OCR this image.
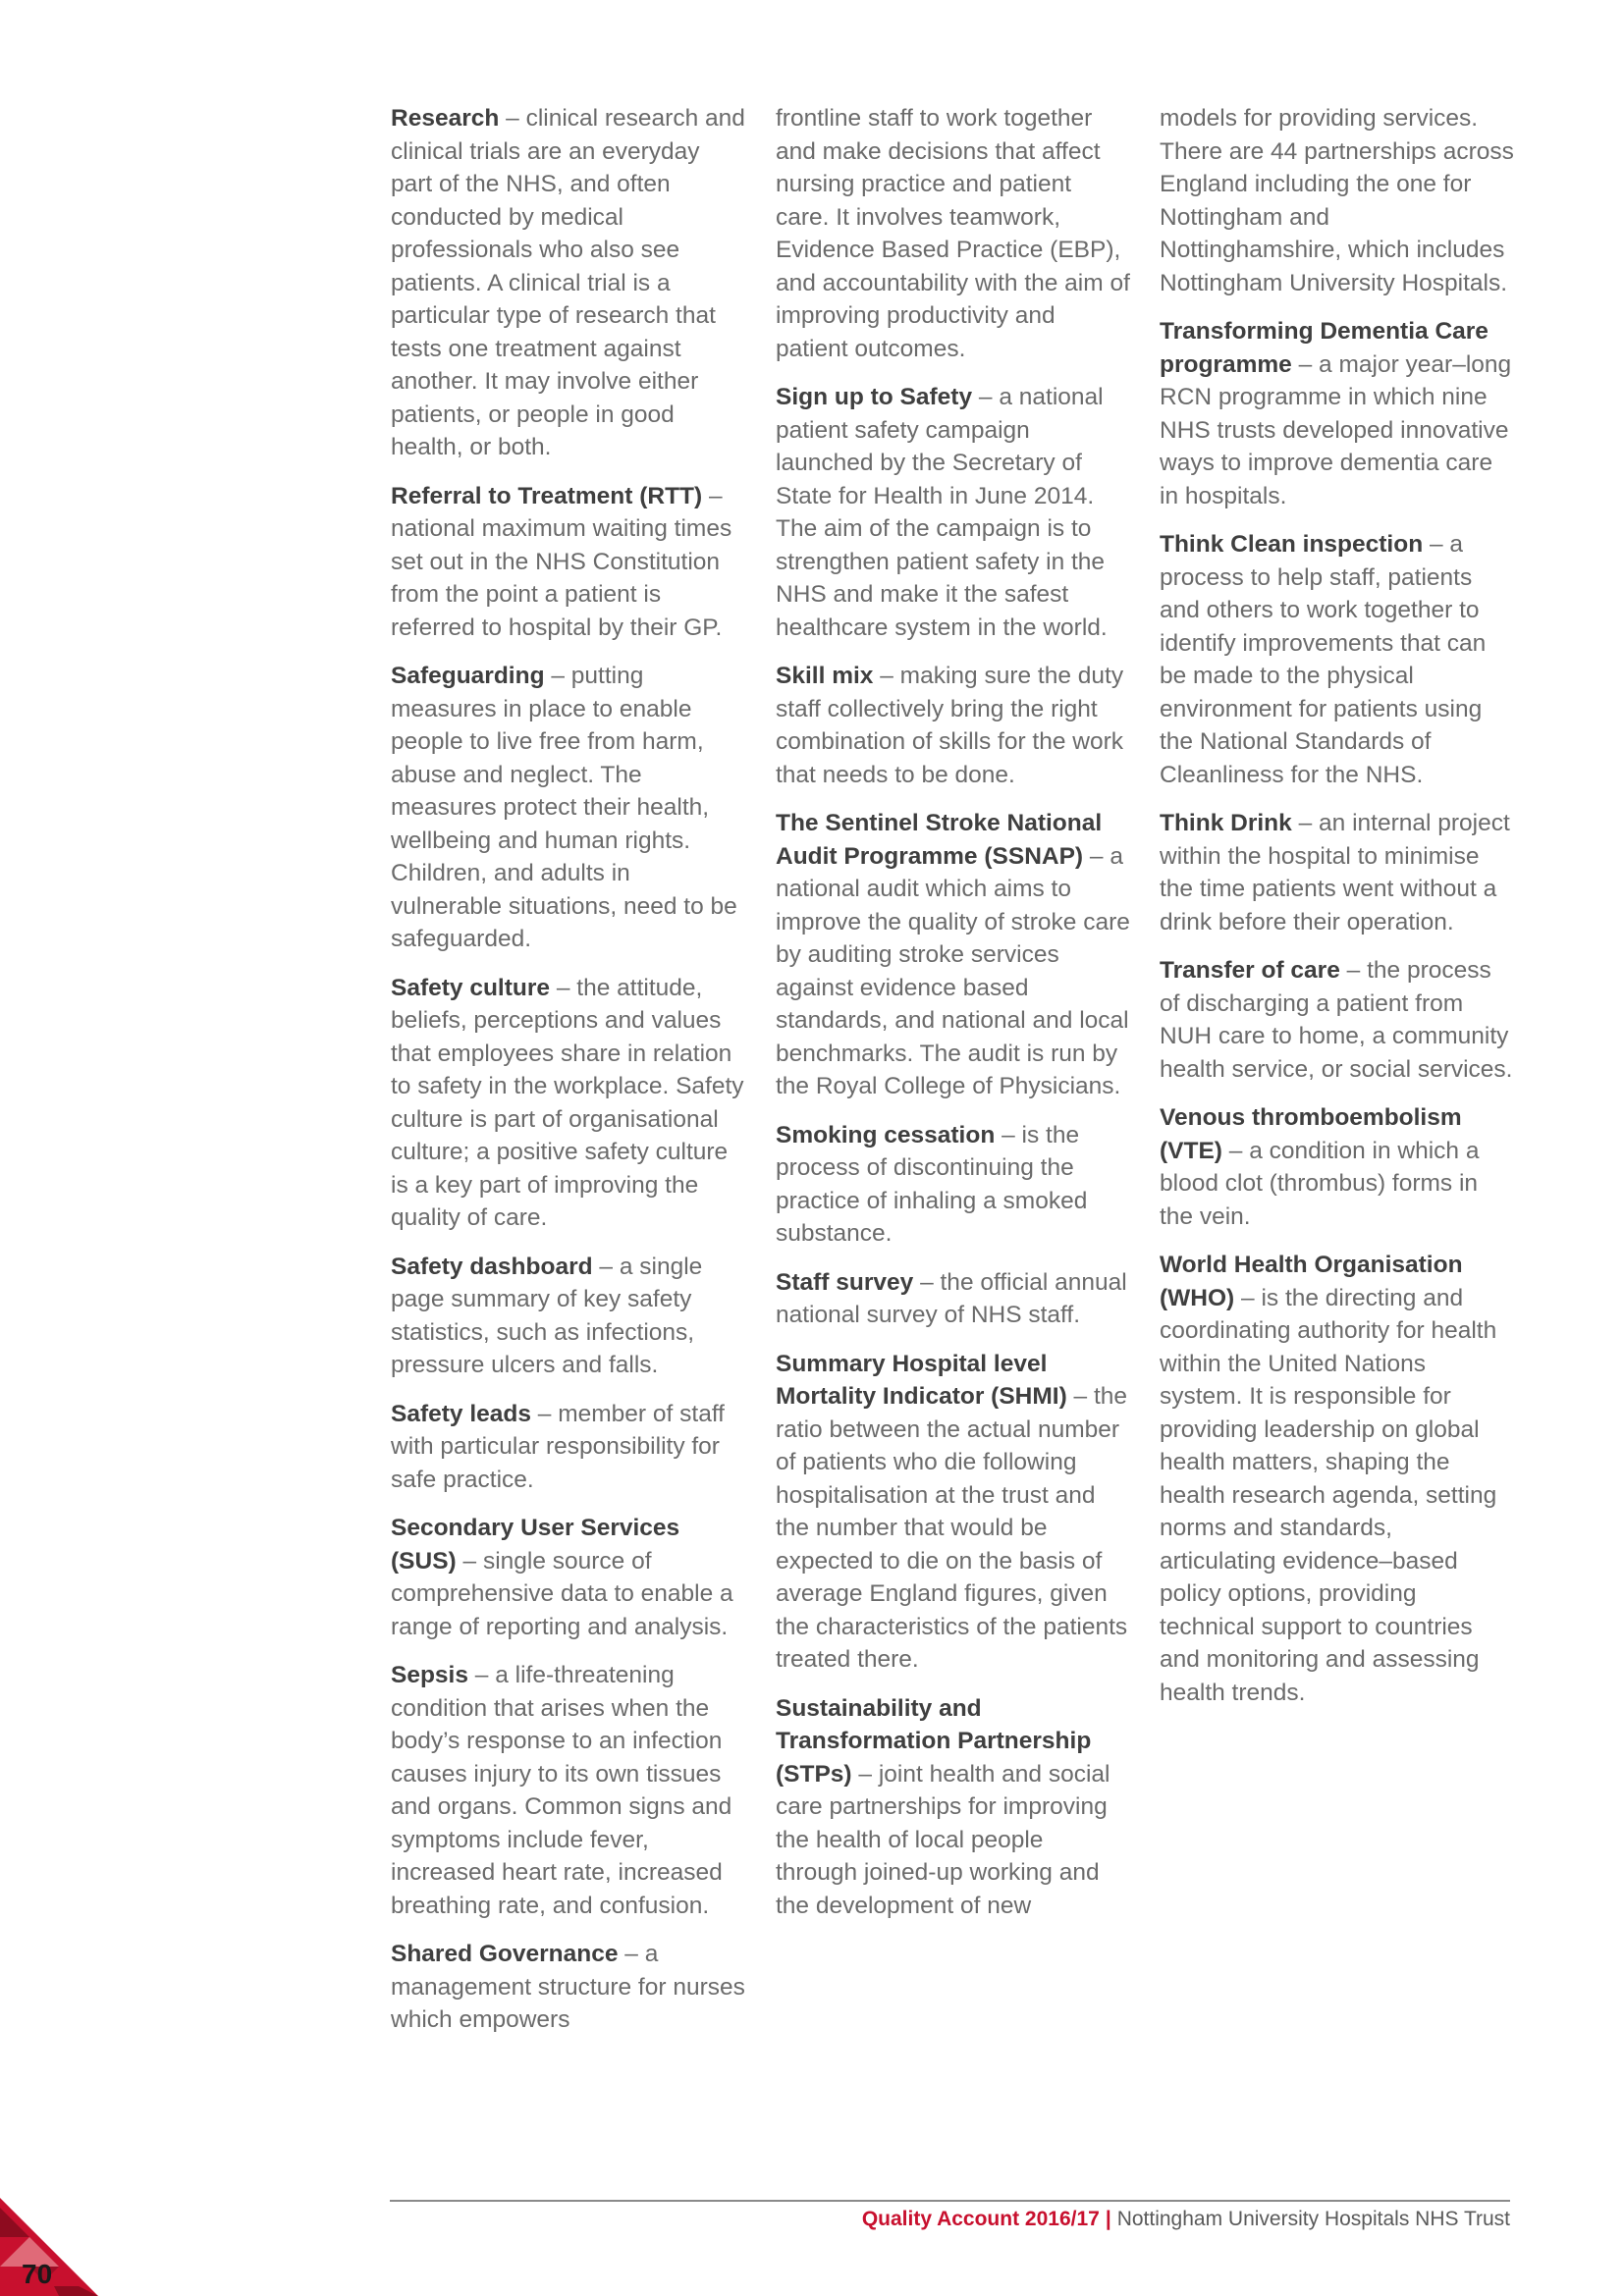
Research – clinical research and clinical trials are an everyday part of the NHS, and often conducted by medical professionals who also see patients. A clinical trial is a particular type of research that tests one treatment against another. It may involve either patients, or people in good health, or both.

Referral to Treatment (RTT) – national maximum waiting times set out in the NHS Constitution from the point a patient is referred to hospital by their GP.

Safeguarding – putting measures in place to enable people to live free from harm, abuse and neglect. The measures protect their health, wellbeing and human rights. Children, and adults in vulnerable situations, need to be safeguarded.

Safety culture – the attitude, beliefs, perceptions and values that employees share in relation to safety in the workplace. Safety culture is part of organisational culture; a positive safety culture is a key part of improving the quality of care.

Safety dashboard – a single page summary of key safety statistics, such as infections, pressure ulcers and falls.

Safety leads – member of staff with particular responsibility for safe practice.

Secondary User Services (SUS) – single source of comprehensive data to enable a range of reporting and analysis.

Sepsis – a life-threatening condition that arises when the body’s response to an infection causes injury to its own tissues and organs. Common signs and symptoms include fever, increased heart rate, increased breathing rate, and confusion.

Shared Governance – a management structure for nurses which empowers

frontline staff to work together and make decisions that affect nursing practice and patient care. It involves teamwork, Evidence Based Practice (EBP), and accountability with the aim of improving productivity and patient outcomes.

Sign up to Safety – a national patient safety campaign launched by the Secretary of State for Health in June 2014. The aim of the campaign is to strengthen patient safety in the NHS and make it the safest healthcare system in the world.

Skill mix – making sure the duty staff collectively bring the right combination of skills for the work that needs to be done.

The Sentinel Stroke National Audit Programme (SSNAP) – a national audit which aims to improve the quality of stroke care by auditing stroke services against evidence based standards, and national and local benchmarks. The audit is run by the Royal College of Physicians.

Smoking cessation – is the process of discontinuing the practice of inhaling a smoked substance.

Staff survey – the official annual national survey of NHS staff.

Summary Hospital level Mortality Indicator (SHMI) – the ratio between the actual number of patients who die following hospitalisation at the trust and the number that would be expected to die on the basis of average England figures, given the characteristics of the patients treated there.

Sustainability and Transformation Partnership (STPs) – joint health and social care partnerships for improving the health of local people through joined-up working and the development of new

models for providing services. There are 44 partnerships across England including the one for Nottingham and Nottinghamshire, which includes Nottingham University Hospitals.

Transforming Dementia Care programme – a major year–long RCN programme in which nine NHS trusts developed innovative ways to improve dementia care in hospitals.

Think Clean inspection – a process to help staff, patients and others to work together to identify improvements that can be made to the physical environment for patients using the National Standards of Cleanliness for the NHS.

Think Drink – an internal project within the hospital to minimise the time patients went without a drink before their operation.

Transfer of care – the process of discharging a patient from NUH care to home, a community health service, or social services.

Venous thromboembolism (VTE) – a condition in which a blood clot (thrombus) forms in the vein.

World Health Organisation (WHO) – is the directing and coordinating authority for health within the United Nations system. It is responsible for providing leadership on global health matters, shaping the health research agenda, setting norms and standards, articulating evidence–based policy options, providing technical support to countries and monitoring and assessing health trends.

Quality Account 2016/17 | Nottingham University Hospitals NHS Trust
70
